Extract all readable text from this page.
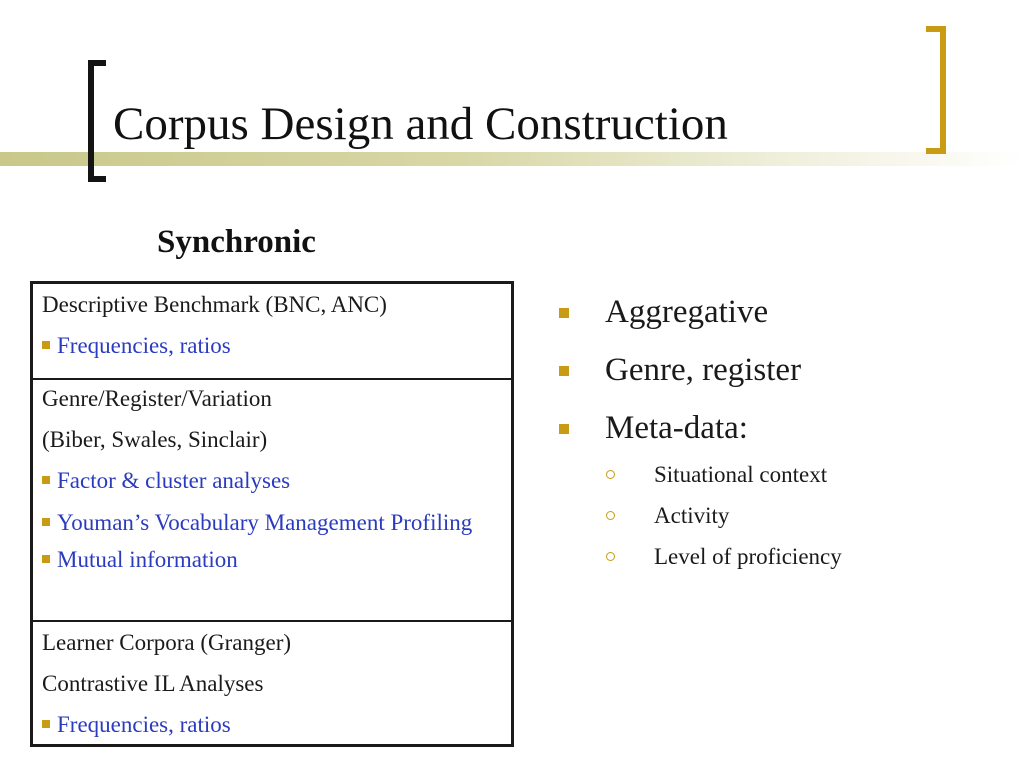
Corpus Design and Construction
Synchronic
Descriptive Benchmark (BNC, ANC)
Frequencies, ratios
Genre/Register/Variation
(Biber, Swales, Sinclair)
Factor & cluster analyses
Youman’s Vocabulary Management Profiling
Mutual information
Learner Corpora (Granger)
Contrastive IL Analyses
Frequencies, ratios
Aggregative
Genre, register
Meta-data:
Situational context
Activity
Level of proficiency
